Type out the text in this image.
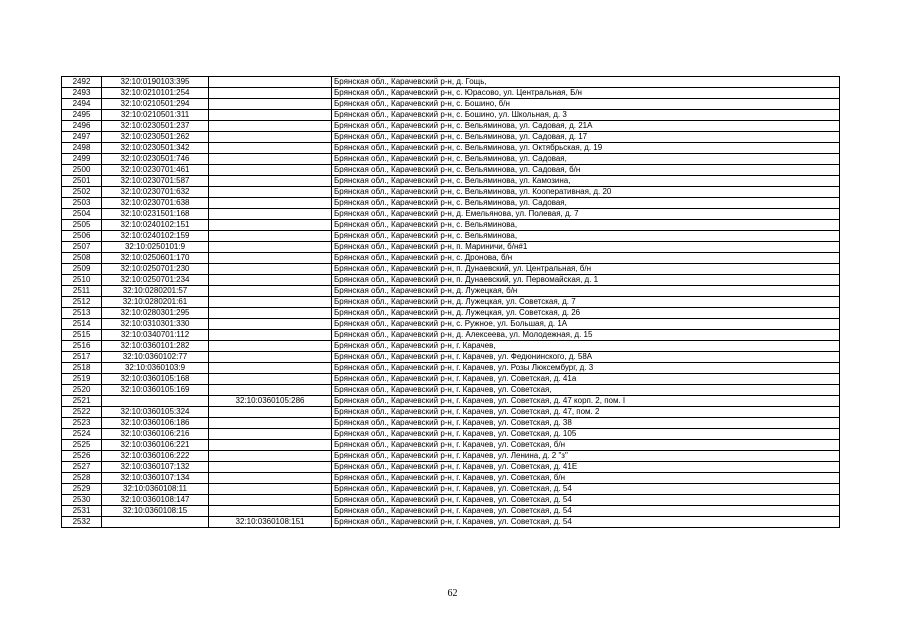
2492	32:10:0190103:395		Брянская обл., Карачевский р-н, д. Гощь,
2493	32:10:0210101:254		Брянская обл., Карачевский р-н, с. Юрасово, ул. Центральная, Б/н
2494	32:10:0210501:294		Брянская обл., Карачевский р-н, с. Бошино, б/н
2495	32:10:0210501:311		Брянская обл., Карачевский р-н, с. Бошино, ул. Школьная, д. 3
2496	32:10:0230501:237		Брянская обл., Карачевский р-н, с. Вельяминова, ул. Садовая, д. 21А
2497	32:10:0230501:262		Брянская обл., Карачевский р-н, с. Вельяминова, ул. Садовая, д. 17
2498	32:10:0230501:342		Брянская обл., Карачевский р-н, с. Вельяминова, ул. Октябрьская, д. 19
2499	32:10:0230501:746		Брянская обл., Карачевский р-н, с. Вельяминова, ул. Садовая,
2500	32:10:0230701:461		Брянская обл., Карачевский р-н, с. Вельяминова, ул. Садовая, б/н
2501	32:10:0230701:587		Брянская обл., Карачевский р-н, с. Вельяминова, ул. Камозина,
2502	32:10:0230701:632		Брянская обл., Карачевский р-н, с. Вельяминова, ул. Кооперативная, д. 20
2503	32:10:0230701:638		Брянская обл., Карачевский р-н, с. Вельяминова, ул. Садовая,
2504	32:10:0231501:168		Брянская обл., Карачевский р-н, д. Емельянова, ул. Полевая, д. 7
2505	32:10:0240102:151		Брянская обл., Карачевский р-н, с. Вельяминова,
2506	32:10:0240102:159		Брянская обл., Карачевский р-н, с. Вельяминова,
2507	32:10:0250101:9		Брянская обл., Карачевский р-н, п. Мариничи, б/н#1
2508	32:10:0250601:170		Брянская обл., Карачевский р-н, с. Дронова, б/н
2509	32:10:0250701:230		Брянская обл., Карачевский р-н, п. Дунаевский, ул. Центральная, б/н
2510	32:10:0250701:234		Брянская обл., Карачевский р-н, п. Дунаевский, ул. Первомайская, д. 1
2511	32:10:0280201:57		Брянская обл., Карачевский р-н, д. Лужецкая, б/н
2512	32:10:0280201:61		Брянская обл., Карачевский р-н, д. Лужецкая, ул. Советская, д. 7
2513	32:10:0280301:295		Брянская обл., Карачевский р-н, д. Лужецкая, ул. Советская, д. 26
2514	32:10:0310301:330		Брянская обл., Карачевский р-н, с. Ружное, ул. Большая, д. 1А
2515	32:10:0340701:112		Брянская обл., Карачевский р-н, д. Алексеева, ул. Молодежная, д. 15
2516	32:10:0360101:282		Брянская обл., Карачевский р-н, г. Карачев,
2517	32:10:0360102:77		Брянская обл., Карачевский р-н, г. Карачев, ул. Федюнинского, д. 58А
2518	32:10:0360103:9		Брянская обл., Карачевский р-н, г. Карачев, ул. Розы Люксембург, д. 3
2519	32:10:0360105:168		Брянская обл., Карачевский р-н, г. Карачев, ул. Советская, д. 41а
2520	32:10:0360105:169		Брянская обл., Карачевский р-н, г. Карачев, ул. Советская,
2521		32:10:0360105:286	Брянская обл., Карачевский р-н, г. Карачев, ул. Советская, д. 47 корп. 2, пом. I
2522	32:10:0360105:324		Брянская обл., Карачевский р-н, г. Карачев, ул. Советская, д. 47, пом. 2
2523	32:10:0360106:186		Брянская обл., Карачевский р-н, г. Карачев, ул. Советская, д. 38
2524	32:10:0360106:216		Брянская обл., Карачевский р-н, г. Карачев, ул. Советская, д. 105
2525	32:10:0360106:221		Брянская обл., Карачевский р-н, г. Карачев, ул. Советская, б/н
2526	32:10:0360106:222		Брянская обл., Карачевский р-н, г. Карачев, ул. Ленина, д. 2 "з"
2527	32:10:0360107:132		Брянская обл., Карачевский р-н, г. Карачев, ул. Советская, д. 41Е
2528	32:10:0360107:134		Брянская обл., Карачевский р-н, г. Карачев, ул. Советская, б/н
2529	32:10:0360108:11		Брянская обл., Карачевский р-н, г. Карачев, ул. Советская, д. 54
2530	32:10:0360108:147		Брянская обл., Карачевский р-н, г. Карачев, ул. Советская, д. 54
2531	32:10:0360108:15		Брянская обл., Карачевский р-н, г. Карачев, ул. Советская, д. 54
2532		32:10:0360108:151	Брянская обл., Карачевский р-н, г. Карачев, ул. Советская, д. 54
62
